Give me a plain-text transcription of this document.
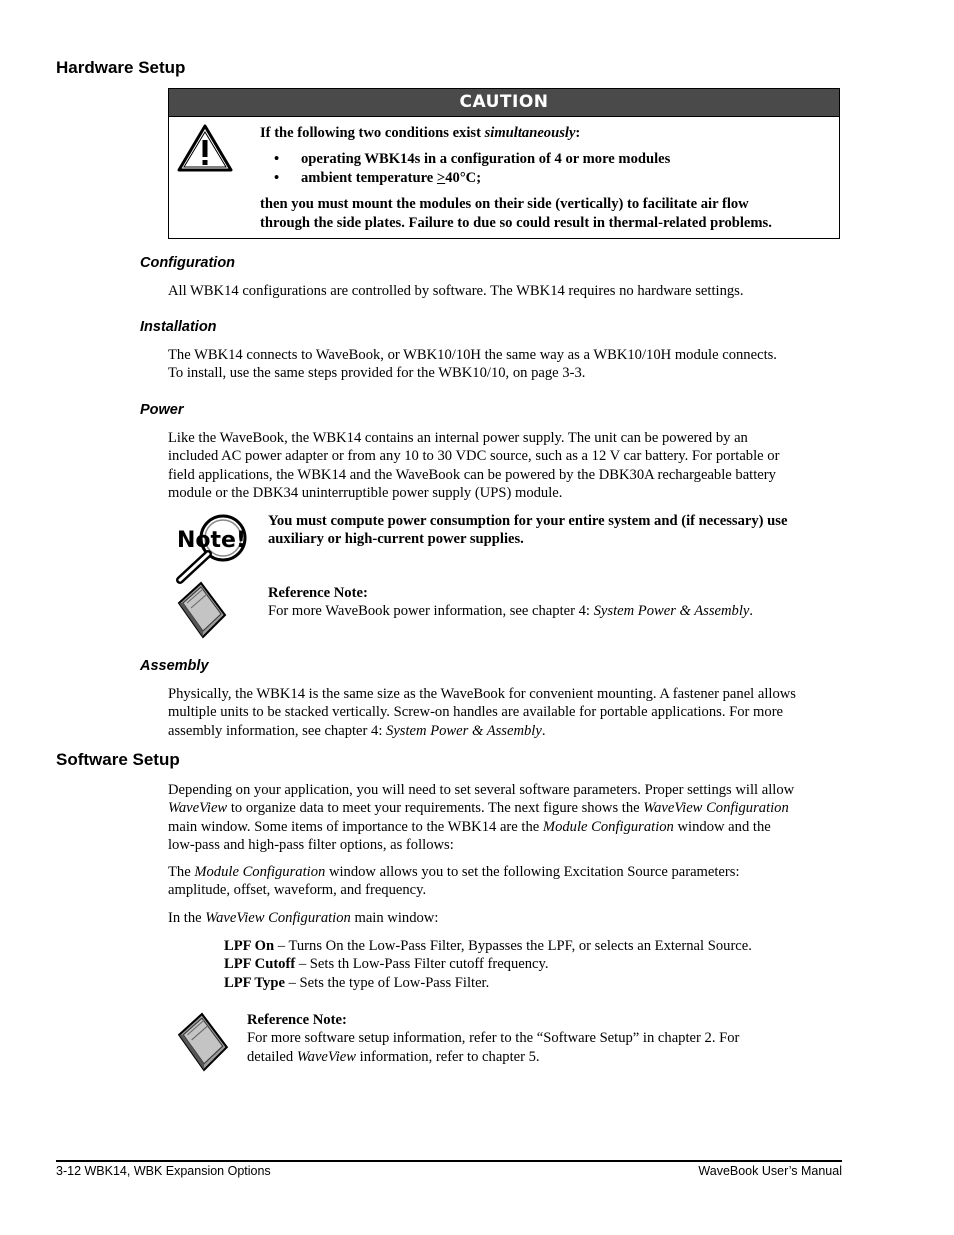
Hardware Setup
CAUTION

If the following two conditions exist simultaneously:

• operating WBK14s in a configuration of 4 or more modules
• ambient temperature >40°C;

then you must mount the modules on their side (vertically) to facilitate air flow

through the side plates. Failure to due so could result in thermal-related problems.

Configuration

All WBK14 configurations are controlled by software. The WBK14 requires no hardware settings.

Installation

The WBK14 connects to WaveBook, or WBK10/10H the same way as a WBK10/10H module connects.

To install, use the same steps provided for the WBK10/10, on page 3-3.

Power

Like the WaveBook, the WBK14 contains an internal power supply. The unit can be powered by an

included AC power adapter or from any 10 to 30 VDC source, such as a 12 V car battery. For portable or

field applications, the WBK14 and the WaveBook can be powered by the DBK30A rechargeable battery

module or the DBK34 uninterruptible power supply (UPS) module.

Note!

You must compute power consumption for your entire system and (if necessary) use

auxiliary or high-current power supplies.

Reference Note:

For more WaveBook power information, see chapter 4: System Power & Assembly.

Assembly

Physically, the WBK14 is the same size as the WaveBook for convenient mounting. A fastener panel allows

multiple units to be stacked vertically. Screw-on handles are available for portable applications. For more

assembly information, see chapter 4: System Power & Assembly.

Software Setup

Depending on your application, you will need to set several software parameters. Proper settings will allow

WaveView to organize data to meet your requirements. The next figure shows the WaveView Configuration

main window. Some items of importance to the WBK14 are the Module Configuration window and the

low-pass and high-pass filter options, as follows:

The Module Configuration window allows you to set the following Excitation Source parameters:

amplitude, offset, waveform, and frequency.

In the WaveView Configuration main window:

LPF On – Turns On the Low-Pass Filter, Bypasses the LPF, or selects an External Source.

LPF Cutoff – Sets th Low-Pass Filter cutoff frequency.

LPF Type – Sets the type of Low-Pass Filter.

Reference Note:

For more software setup information, refer to the “Software Setup” in chapter 2. For

detailed WaveView information, refer to chapter 5.

3-12 WBK14, WBK Expansion Options	WaveBook User’s Manual
